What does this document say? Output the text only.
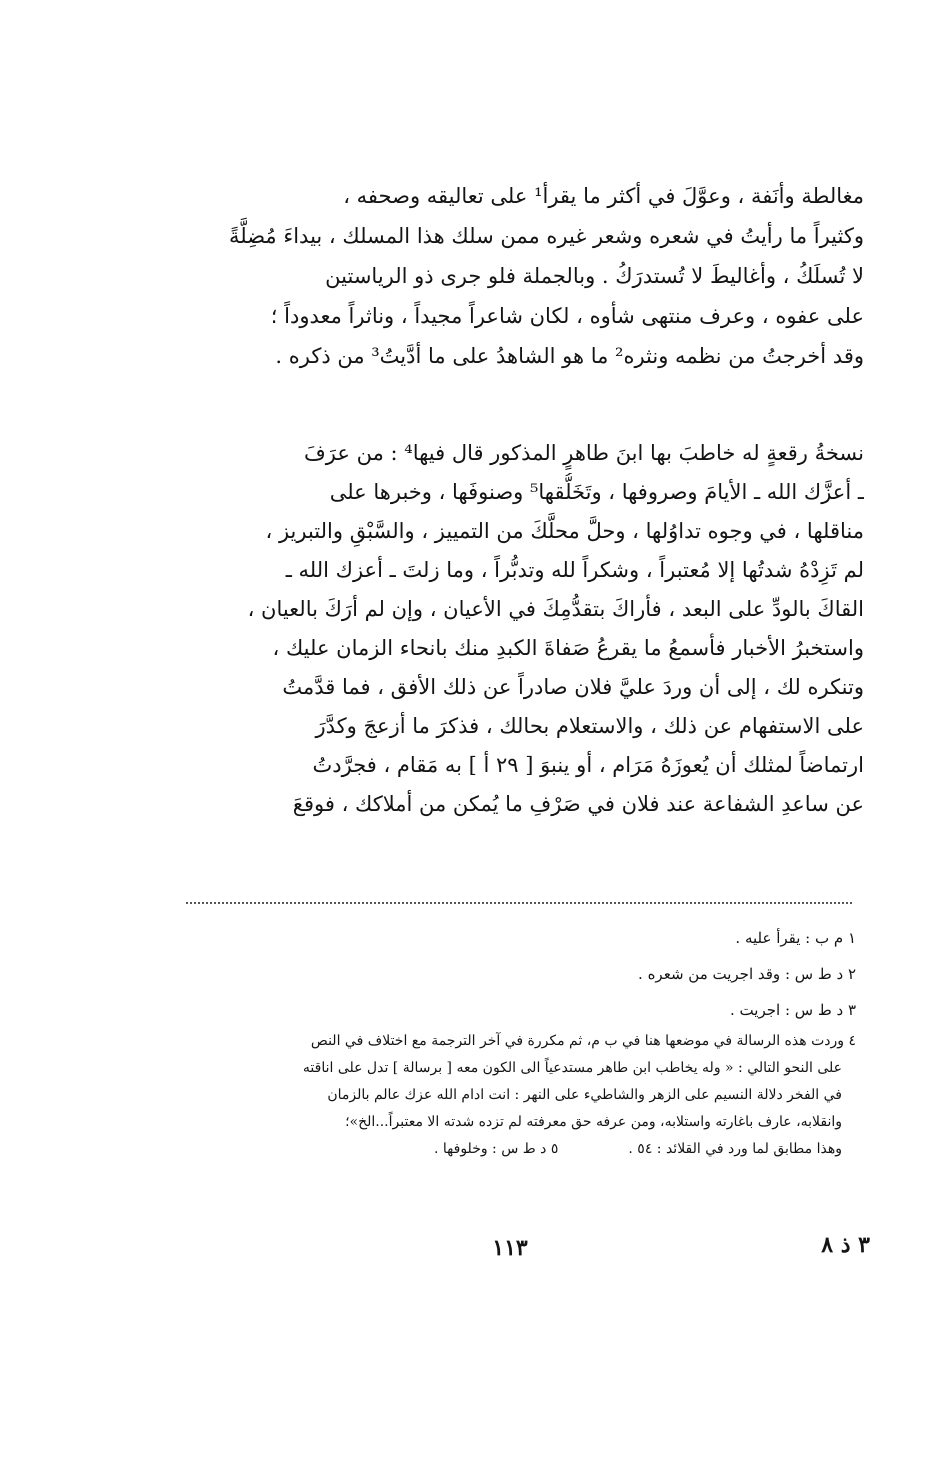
مغالطة وأنَفة ، وعوَّلَ في أكثر ما يقرأ¹ على تعاليقه وصحفه ،
وكثيراً ما رأيتُ في شعره وشعر غيره ممن سلك هذا المسلك ، بيداءَ مُضِلَّةً
لا تُسلَكُ ، وأغاليطَ لا تُستدرَكُ . وبالجملة فلو جرى ذو الرياستين
على عفوه ، وعرف منتهى شأوه ، لكان شاعراً مجيداً ، وناثراً معدوداً ؛
وقد أخرجتُ من نظمه ونثره² ما هو الشاهدُ على ما أدَّيتُ³ من ذكره .
نسخةُ رقعةٍ له خاطبَ بها ابنَ طاهرٍ المذكور قال فيها⁴ : من عرَفَ
ـ أعزَّك الله ـ الأيامَ وصروفها ، وتَخَلُّقها⁵ وصنوفَها ، وخبرها على
مناقلها ، في وجوه تداوُلها ، وحلَّ محلَّكَ من التمييز ، والسَّبْقِ والتبريز ،
لم تَزِدْهُ شدتُها إلا مُعتبراً ، وشكراً لله وتدبُّراً ، وما زلتَ ـ أعزك الله ـ
القاكَ بالودِّ على البعد ، فأراكَ بتقدُّمِكَ في الأعيان ، وإن لم أرَكَ بالعيان ،
واستخبرُ الأخبار فأسمعُ ما يقرعُ صَفاةَ الكبدِ منك بانحاء الزمان عليك ،
وتنكره لك ، إلى أن وردَ عليَّ فلان صادراً عن ذلك الأفق ، فما قدَّمتُ
على الاستفهام عن ذلك ، والاستعلام بحالك ، فذكرَ ما أزعجَ وكدَّرَ
ارتماضاً لمثلك أن يُعوزَهُ مَرَام ، أو ينبوَ [ ٢٩ أ ] به مَقام ، فجرَّدتُ
عن ساعدِ الشفاعة عند فلان في صَرْفِ ما يُمكن من أملاكك ، فوقعَ
١ م ب : يقرأ عليه .
٢ د ط س : وقد اجريت من شعره .
٣ د ط س : اجريت .
٤ وردت هذه الرسالة في موضعها هنا في ب م، ثم مكررة في آخر الترجمة مع اختلاف في النص
على النحو التالي : « وله يخاطب ابن طاهر مستدعياً الى الكون معه [ برسالة ] تدل على اناقته
في الفخر دلالة النسيم على الزهر والشاطيء على النهر : انت ادام الله عزك عالم بالزمان
وانقلابه، عارف باغارته واستلابه، ومن عرفه حق معرفته لم تزده شدته الا معتبراً...الخ»؛
وهذا مطابق لما ورد في القلائد : ٥٤ .
٥ د ط س : وخلوفها .
١١٣	٣ ذ ٨
